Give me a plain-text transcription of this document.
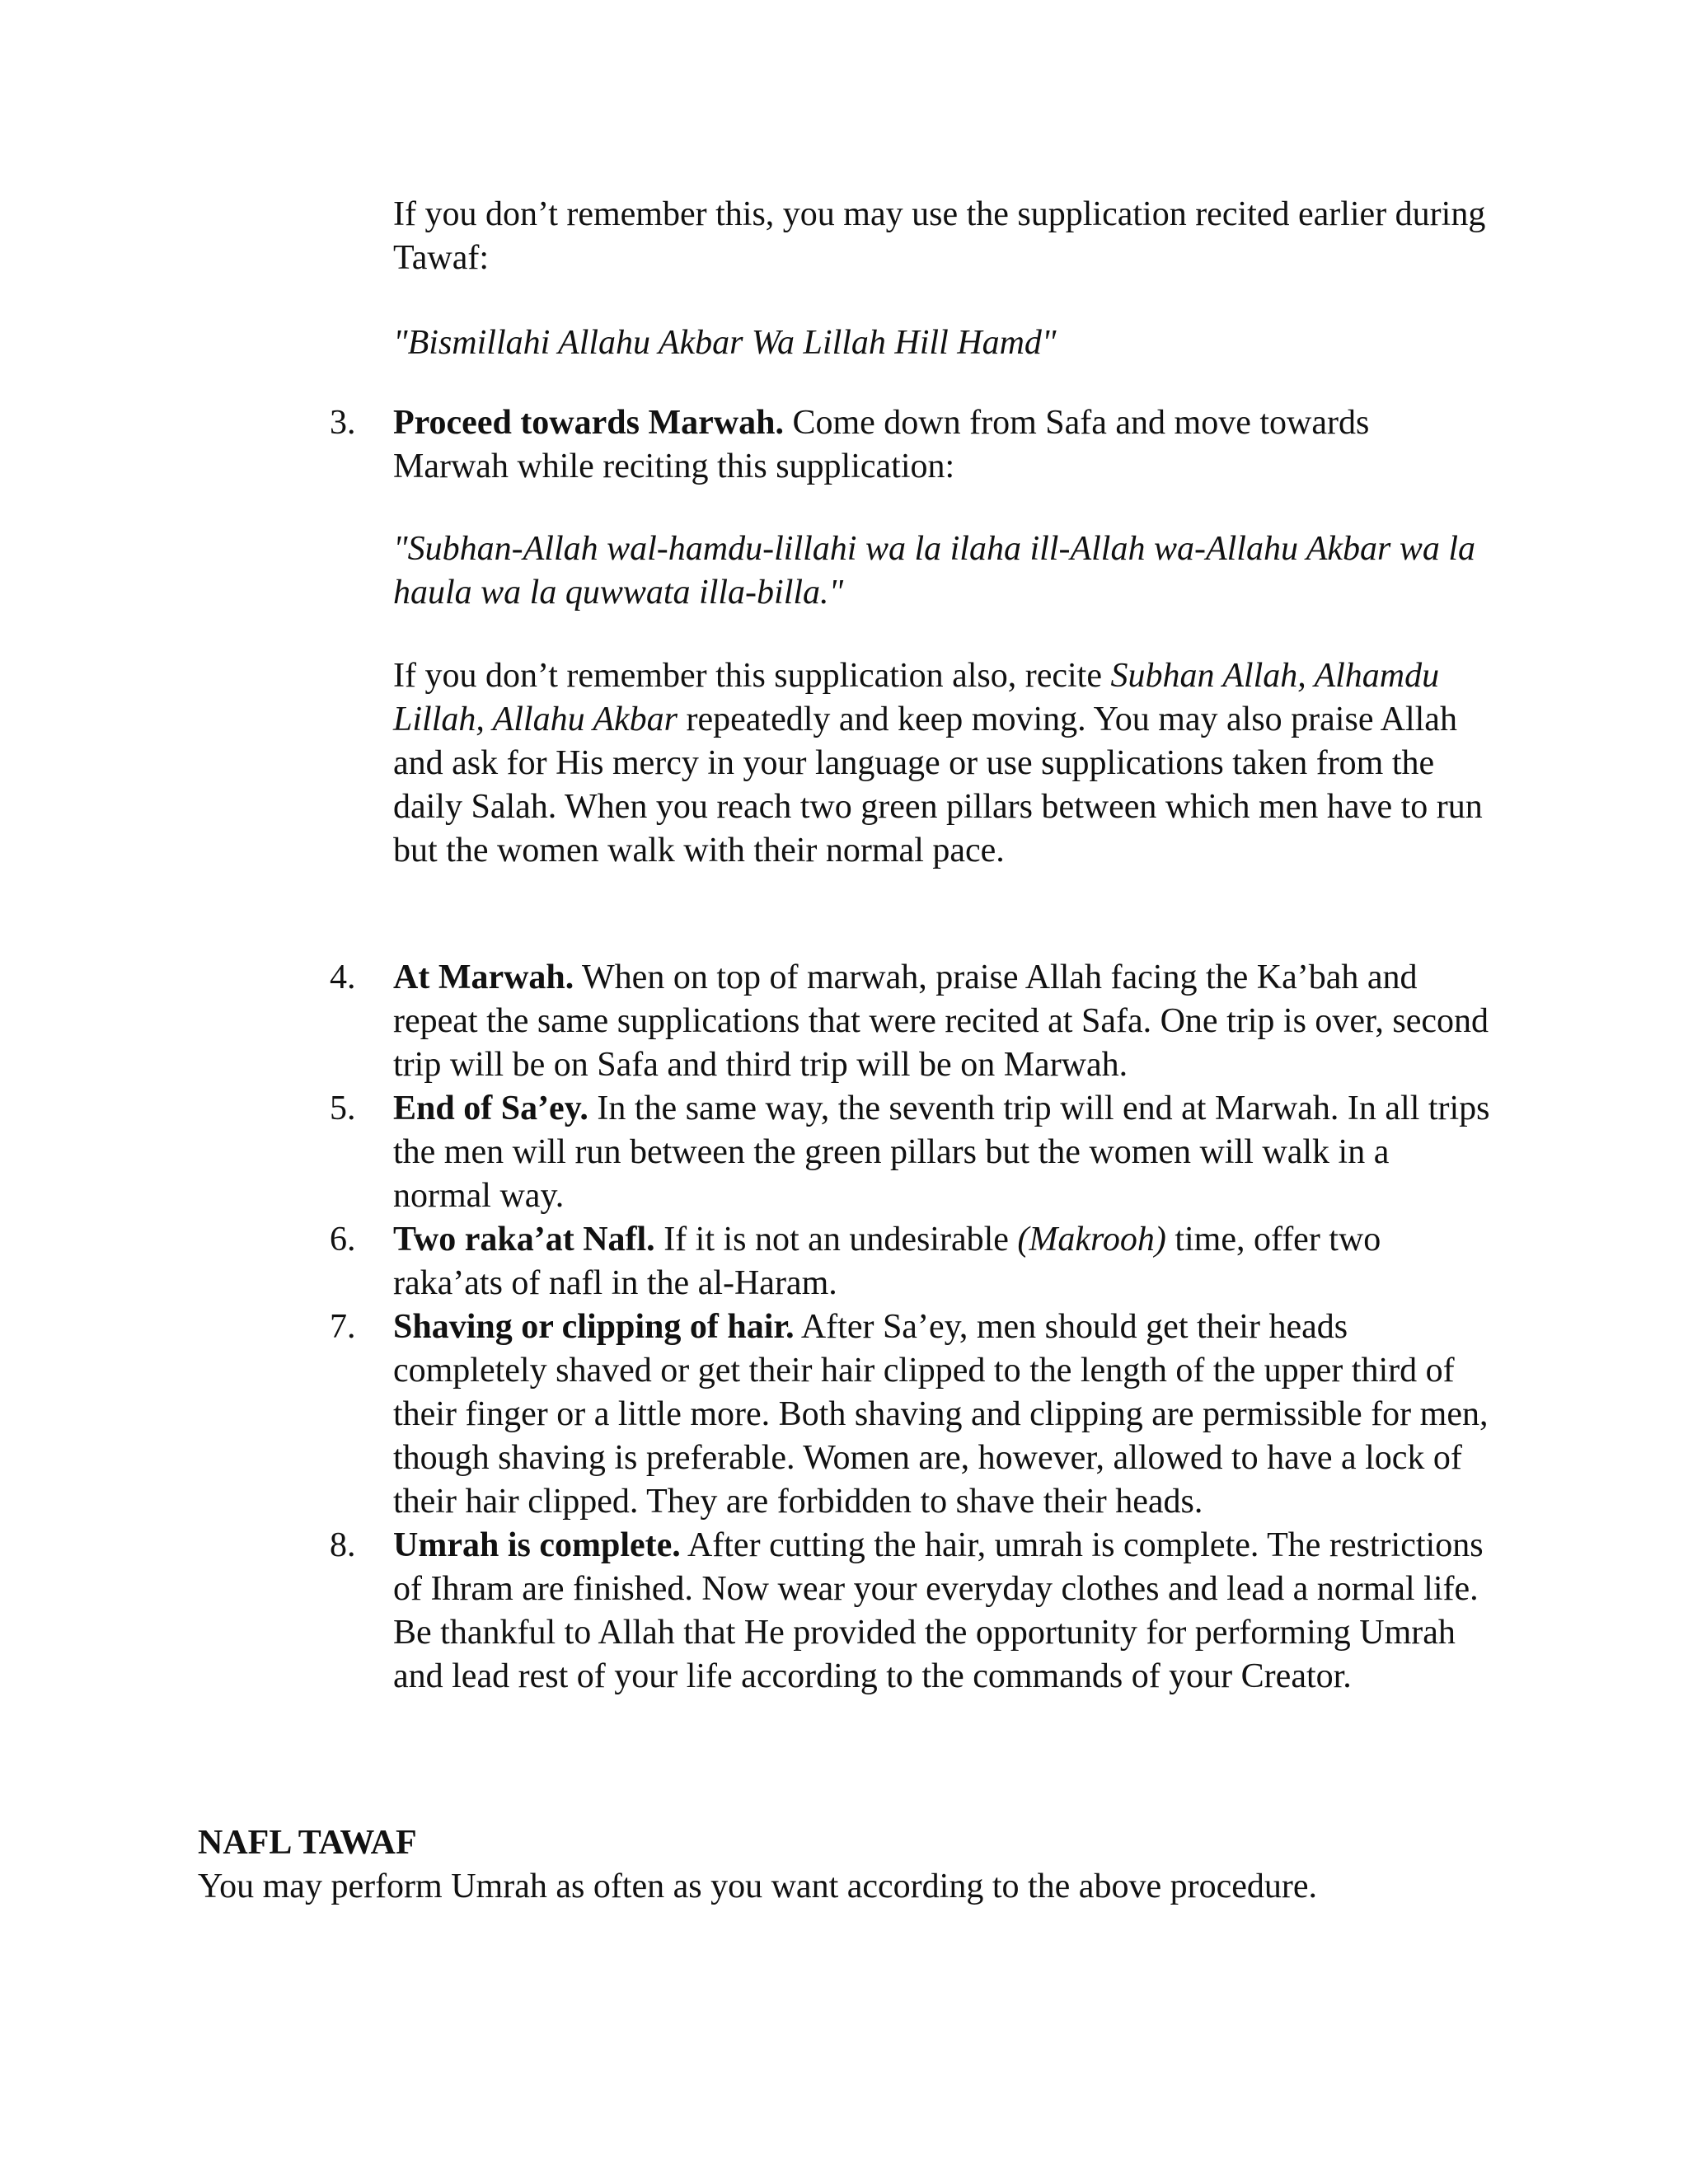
If you don’t remember this, you may use the supplication recited earlier during Tawaf:
"Bismillahi Allahu Akbar Wa Lillah Hill Hamd"
3.	Proceed towards Marwah. Come down from Safa and move towards Marwah while reciting this supplication:
"Subhan-Allah wal-hamdu-lillahi wa la ilaha ill-Allah wa-Allahu Akbar wa la haula wa la quwwata illa-billa."
If you don’t remember this supplication also, recite Subhan Allah, Alhamdu Lillah, Allahu Akbar repeatedly and keep moving. You may also praise Allah and ask for His mercy in your language or use supplications taken from the daily Salah. When you reach two green pillars between which men have to run but the women walk with their normal pace.
4.	At Marwah. When on top of marwah, praise Allah facing the Ka’bah and repeat the same supplications that were recited at Safa. One trip is over, second trip will be on Safa and third trip will be on Marwah.
5.	End of Sa’ey. In the same way, the seventh trip will end at Marwah. In all trips the men will run between the green pillars but the women will walk in a normal way.
6.	Two raka’at Nafl. If it is not an undesirable (Makrooh) time, offer two raka’ats of nafl in the al-Haram.
7.	Shaving or clipping of hair. After Sa’ey, men should get their heads completely shaved or get their hair clipped to the length of the upper third of their finger or a little more. Both shaving and clipping are permissible for men, though shaving is preferable. Women are, however, allowed to have a lock of their hair clipped. They are forbidden to shave their heads.
8.	Umrah is complete. After cutting the hair, umrah is complete. The restrictions of Ihram are finished. Now wear your everyday clothes and lead a normal life. Be thankful to Allah that He provided the opportunity for performing Umrah and lead rest of your life according to the commands of your Creator.
NAFL TAWAF
You may perform Umrah as often as you want according to the above procedure.
